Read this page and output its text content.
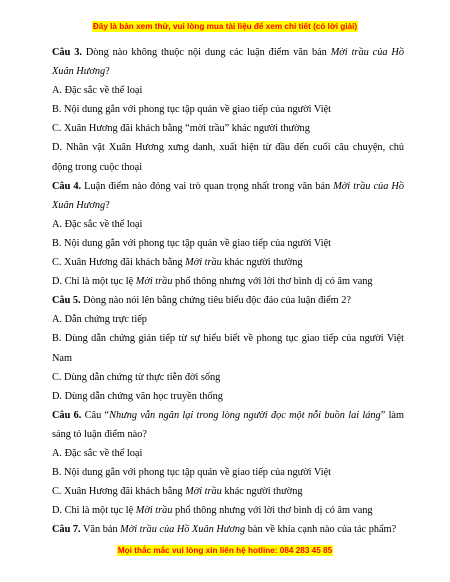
Đây là bản xem thử, vui lòng mua tài liệu để xem chi tiết (có lời giải)

Câu 3. Dòng nào không thuộc nội dung các luận điểm văn bản Mời trầu của Hồ Xuân Hương?

A. Đặc sắc về thể loại

B. Nội dung gắn với phong tục tập quán về giao tiếp của người Việt

C. Xuân Hương đãi khách bằng “mời trầu” khác người thường

D. Nhân vật Xuân Hương xưng danh, xuất hiện từ đầu đến cuối câu chuyện, chủ động trong cuộc thoại

Câu 4. Luận điểm nào đóng vai trò quan trọng nhất trong văn bản Mời trầu của Hồ Xuân Hương?

A. Đặc sắc về thể loại

B. Nội dung gắn với phong tục tập quán về giao tiếp của người Việt

C. Xuân Hương đãi khách bằng Mời trầu khác người thường

D. Chỉ là một tục lệ Mời trầu phổ thông nhưng với lời thơ bình dị có âm vang

Câu 5. Dòng nào nói lên bằng chứng tiêu biểu độc đáo của luận điểm 2?

A. Dẫn chứng trực tiếp

B. Dùng dẫn chứng gián tiếp từ sự hiểu biết về phong tục giao tiếp của người Việt Nam

C. Dùng dẫn chứng từ thực tiễn đời sống

D. Dùng dẫn chứng văn học truyền thống

Câu 6. Câu “Nhưng vẫn ngân lại trong lòng người đọc một nỗi buồn lai láng” làm sáng tỏ luận điểm nào?

A. Đặc sắc về thể loại

B. Nội dung gắn với phong tục tập quán về giao tiếp của người Việt

C. Xuân Hương đãi khách bằng Mời trầu khác người thường

D. Chỉ là một tục lệ Mời trầu phổ thông nhưng với lời thơ bình dị có âm vang

Câu 7. Văn bản Mời trầu của Hồ Xuân Hương bàn về khía cạnh nào của tác phẩm?

Mọi thắc mắc vui lòng xin liên hệ hotline: 084 283 45 85
